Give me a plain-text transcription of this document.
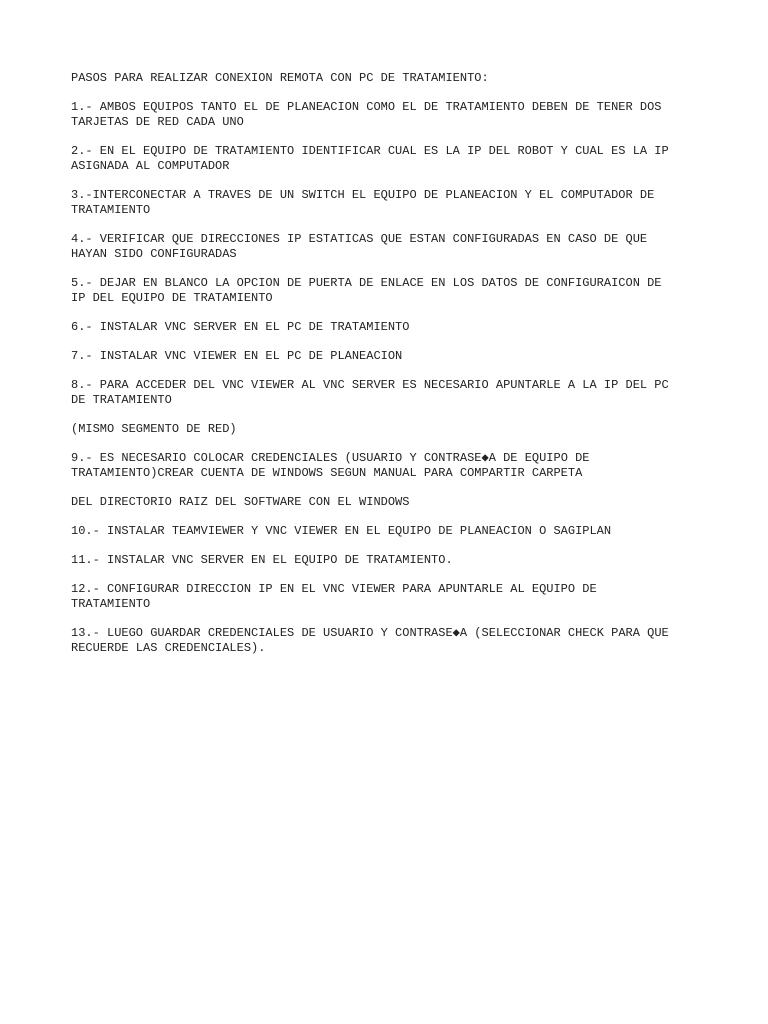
PASOS PARA REALIZAR CONEXION REMOTA CON PC DE TRATAMIENTO:

1.- AMBOS EQUIPOS TANTO EL DE PLANEACION COMO EL DE TRATAMIENTO DEBEN DE TENER DOS
TARJETAS DE RED CADA UNO

2.- EN EL EQUIPO DE TRATAMIENTO IDENTIFICAR CUAL ES LA IP DEL ROBOT Y CUAL ES LA IP
ASIGNADA AL COMPUTADOR

3.-INTERCONECTAR A TRAVES DE UN SWITCH EL EQUIPO DE PLANEACION Y EL COMPUTADOR DE
TRATAMIENTO

4.- VERIFICAR QUE DIRECCIONES IP ESTATICAS QUE ESTAN CONFIGURADAS EN CASO DE QUE
HAYAN SIDO CONFIGURADAS

5.- DEJAR EN BLANCO LA OPCION DE PUERTA DE ENLACE EN LOS DATOS DE CONFIGURAICON DE
IP DEL EQUIPO DE TRATAMIENTO

6.- INSTALAR VNC SERVER EN EL PC DE TRATAMIENTO

7.- INSTALAR VNC VIEWER EN EL PC DE PLANEACION

8.- PARA ACCEDER DEL VNC VIEWER AL VNC SERVER ES NECESARIO APUNTARLE A LA IP DEL PC
DE TRATAMIENTO

(MISMO SEGMENTO DE RED)

9.- ES NECESARIO COLOCAR CREDENCIALES (USUARIO Y CONTRASE◆A DE EQUIPO DE
TRATAMIENTO)CREAR CUENTA DE WINDOWS SEGUN MANUAL PARA COMPARTIR CARPETA

DEL DIRECTORIO RAIZ DEL SOFTWARE CON EL WINDOWS

10.- INSTALAR TEAMVIEWER Y VNC VIEWER EN EL EQUIPO DE PLANEACION O SAGIPLAN

11.- INSTALAR VNC SERVER EN EL EQUIPO DE TRATAMIENTO.

12.- CONFIGURAR DIRECCION IP EN EL VNC VIEWER PARA APUNTARLE AL EQUIPO DE
TRATAMIENTO

13.- LUEGO GUARDAR CREDENCIALES DE USUARIO Y CONTRASE◆A (SELECCIONAR CHECK PARA QUE
RECUERDE LAS CREDENCIALES).
